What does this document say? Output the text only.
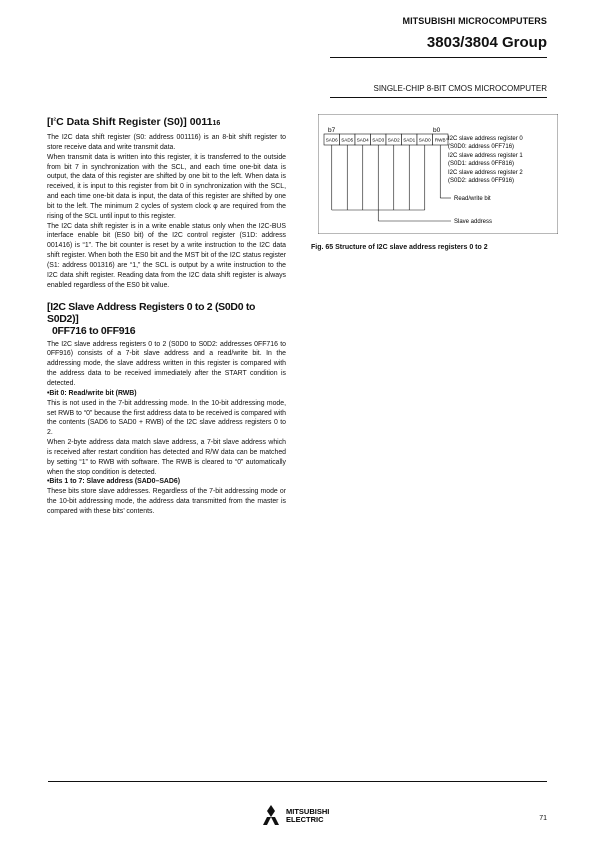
MITSUBISHI MICROCOMPUTERS
3803/3804 Group
SINGLE-CHIP 8-BIT CMOS MICROCOMPUTER
[$I^2C$ Data Shift Register (S0)] 001116

The I2C data shift register (S0: address 001116) is an 8-bit shift register to store receive data and write transmit data.

When transmit data is written into this register, it is transferred to the outside from bit 7 in synchronization with the SCL, and each time one-bit data is output, the data of this register are shifted by one bit to the left. When data is received, it is input to this register from bit 0 in synchronization with the SCL, and each time one-bit data is input, the data of this register are shifted by one bit to the left. The minimum 2 cycles of system clock φ are required from the rising of the SCL until input to this register.

The I2C data shift register is in a write enable status only when the I2C-BUS interface enable bit (ES0 bit) of the I2C control register (S1D: address 001416) is “1”. The bit counter is reset by a write instruction to the I2C data shift register. When both the ES0 bit and the MST bit of the I2C status register (S1: address 001316) are “1,” the SCL is output by a write instruction to the I2C data shift register. Reading data from the I2C data shift register is always enabled regardless of the ES0 bit value.

[I2C Slave Address Registers 0 to 2 (S0D0 to S0D2)]
0FF716 to 0FF916

The I2C slave address registers 0 to 2 (S0D0 to S0D2: addresses 0FF716 to 0FF916) consists of a 7-bit slave address and a read/write bit. In the addressing mode, the slave address written in this register is compared with the address data to be received immediately after the START condition is detected.

•Bit 0: Read/write bit (RWB)

This is not used in the 7-bit addressing mode. In the 10-bit addressing mode, set RWB to “0” because the first address data to be received is compared with the contents (SAD6 to SAD0 + RWB) of the I2C slave address registers 0 to 2.

When 2-byte address data match slave address, a 7-bit slave address which is received after restart condition has detected and R/W data can be matched by setting “1” to RWB with software. The RWB is cleared to “0” automatically when the stop condition is detected.

•Bits 1 to 7: Slave address (SAD0–SAD6)

These bits store slave addresses. Regardless of the 7-bit addressing mode or the 10-bit addressing mode, the address data transmitted from the master is compared with these bits’ contents.

b7	b0
SAD6 SAD5 SAD4 SAD3 SAD2 SAD1 SAD0 RWB I2C slave address register 0
(S0D0: address 0FF716)
I2C slave address register 1
(S0D1: address 0FF816)
I2C slave address register 2
(S0D2: address 0FF916)
Read/write bit
Slave address
Fig. 65 Structure of I2C slave address registers 0 to 2
MITSUBISHI
ELECTRIC	71
